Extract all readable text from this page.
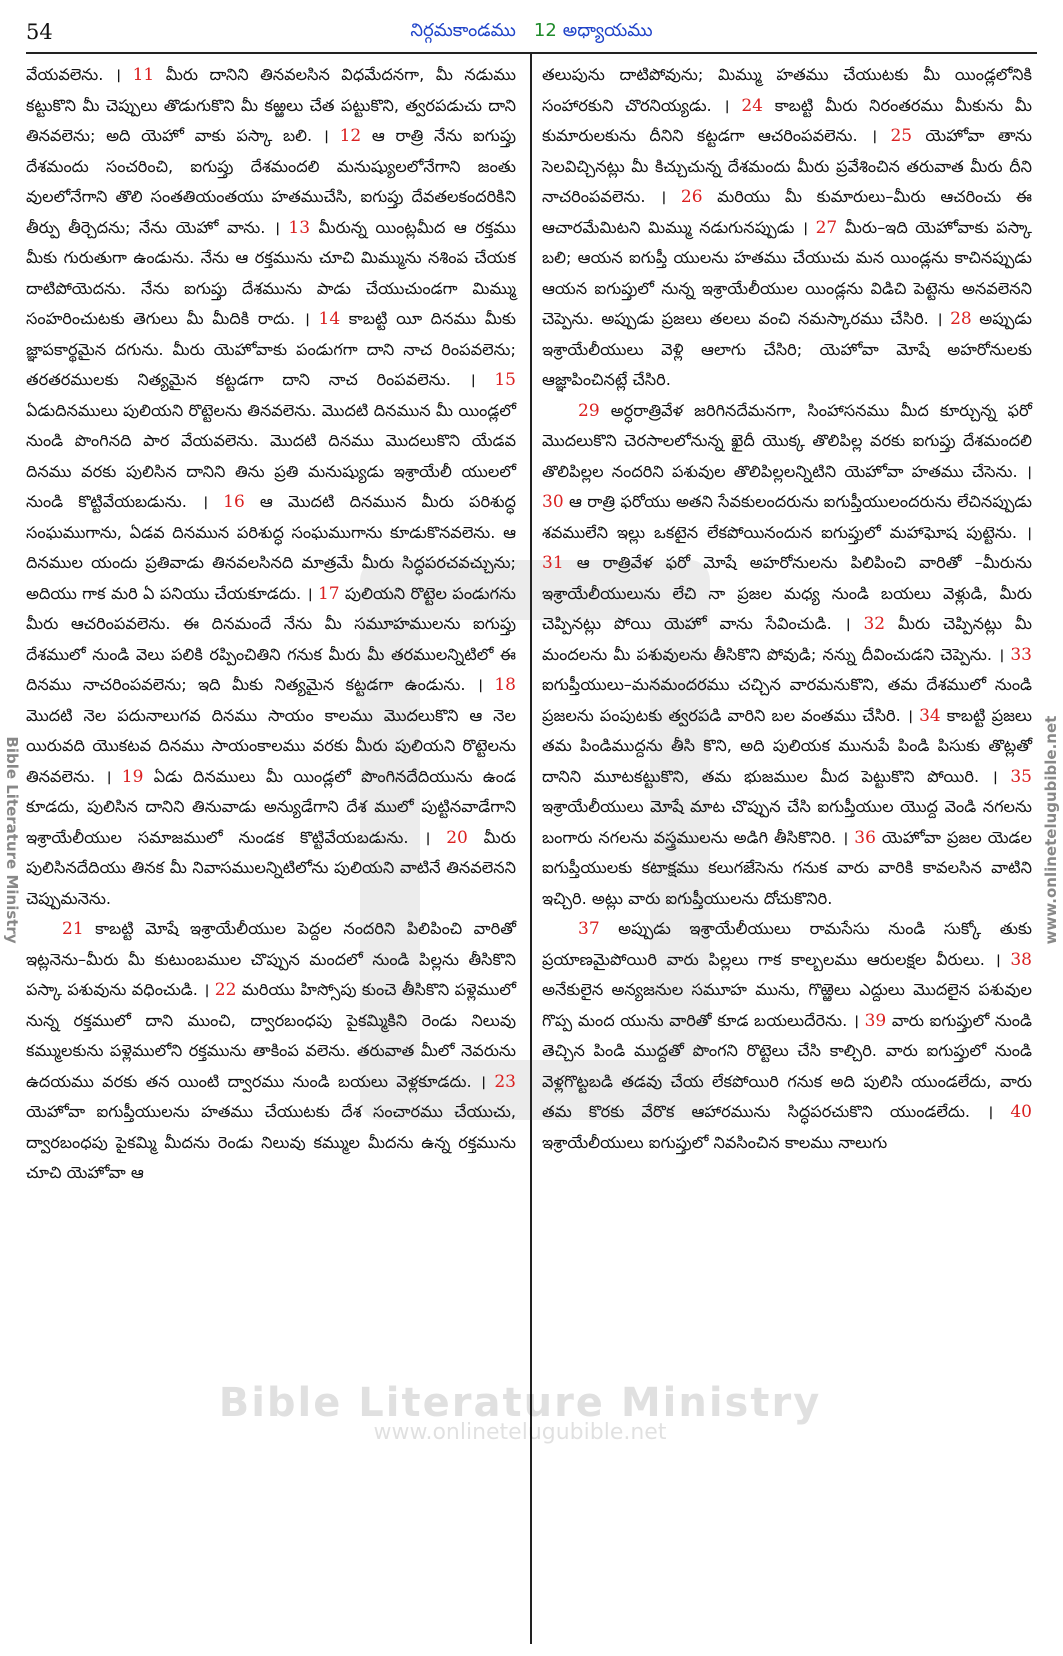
54	నిర్గమకాండము 12 అధ్యాయము

వేయవలెను. । 11 మీరు దానిని తినవలసిన విధమేదనగా, మీ నడుము కట్టుకొని మీ చెప్పులు తొడుగుకొని మీ కఱ్ఱలు చేత పట్టుకొని, త్వరపడుచు దాని తినవలెను; అది యెహో వాకు పస్కా బలి. । 12 ఆ రాత్రి నేను ఐగుప్తు దేశమందు సంచరించి, ఐగుప్తు దేశమందలి మనుష్యులలోనేగాని జంతు వులలోనేగాని తొలి సంతతియంతయు హతముచేసి, ఐగుప్తు దేవతలకందరికిని తీర్పు తీర్చెదను; నేను యెహో వాను. । 13 మీరున్న యింట్లమీద ఆ రక్తము మీకు గురుతుగా ఉండును. నేను ఆ రక్తమును చూచి మిమ్మును నశింప చేయక దాటిపోయెదను. నేను ఐగుప్తు దేశమును పాడు చేయుచుండగా మిమ్ము సంహరించుటకు తెగులు మీ మీదికి రాదు. । 14 కాబట్టి యీ దినము మీకు జ్ఞాపకార్థమైన దగును. మీరు యెహోవాకు పండుగగా దాని నాచ రింపవలెను; తరతరములకు నిత్యమైన కట్టడగా దాని నాచ రింపవలెను. । 15 ఏడుదినములు పులియని రొట్టెలను తినవలెను. మొదటి దినమున మీ యిండ్లలో నుండి పొంగినది పార వేయవలెను. మొదటి దినము మొదలుకొని యేడవ దినము వరకు పులిసిన దానిని తిను ప్రతి మనుష్యుడు ఇశ్రాయేలీ యులలో నుండి కొట్టివేయబడును. । 16 ఆ మొదటి దినమున మీరు పరిశుద్ధ సంఘముగాను, ఏడవ దినమున పరిశుద్ధ సంఘముగాను కూడుకొనవలెను. ఆ దినముల యందు ప్రతివాడు తినవలసినది మాత్రమే మీరు సిద్ధపరచవచ్చును; అదియు గాక మరి ఏ పనియు చేయకూడదు. । 17 పులియని రొట్టెల పండుగను మీరు ఆచరింపవలెను. ఈ దినమందే నేను మీ సమూహములను ఐగుప్తు దేశములో నుండి వెలు పలికి రప్పించితిని గనుక మీరు మీ తరములన్నిటిలో ఈ దినము నాచరింపవలెను; ఇది మీకు నిత్యమైన కట్టడగా ఉండును. । 18 మొదటి నెల పదునాలుగవ దినము సాయం కాలము మొదలుకొని ఆ నెల యిరువది యొకటవ దినము సాయంకాలము వరకు మీరు పులియని రొట్టెలను తినవలెను. । 19 ఏడు దినములు మీ యిండ్లలో పొంగినదేదియును ఉండ కూడదు, పులిసిన దానిని తినువాడు అన్యుడేగాని దేశ ములో పుట్టినవాడేగాని ఇశ్రాయేలీయుల సమాజములో నుండక కొట్టివేయబడును. । 20 మీరు పులిసినదేదియు తినక మీ నివాసములన్నిటిలోను పులియని వాటినే తినవలెనని చెప్పుమనెను.

21 కాబట్టి మోషే ఇశ్రాయేలీయుల పెద్దల నందరిని పిలిపించి వారితో ఇట్లనెను–మీరు మీ కుటుంబముల చొప్పున మందలో నుండి పిల్లను తీసికొని పస్కా పశువును వధించుడి. । 22 మరియు హిస్సోపు కుంచె తీసికొని పళ్లెములో నున్న రక్తములో దాని ముంచి, ద్వారబంధపు పైకమ్మికిని రెండు నిలువు కమ్ములకును పళ్లెములోని రక్తమును తాకింప వలెను. తరువాత మీలో నెవరును ఉదయము వరకు తన యింటి ద్వారము నుండి బయలు వెళ్లకూడదు. । 23 యెహోవా ఐగుప్తీయులను హతము చేయుటకు దేశ సంచారము చేయుచు, ద్వారబంధపు పైకమ్మి మీదను రెండు నిలువు కమ్ముల మీదను ఉన్న రక్తమును చూచి యెహోవా ఆ

తలుపును దాటిపోవును; మిమ్ము హతము చేయుటకు మీ యిండ్లలోనికి సంహారకుని చొరనియ్యడు. । 24 కాబట్టి మీరు నిరంతరము మీకును మీ కుమారులకును దీనిని కట్టడగా ఆచరింపవలెను. । 25 యెహోవా తాను సెలవిచ్చినట్లు మీ కిచ్చుచున్న దేశమందు మీరు ప్రవేశించిన తరువాత మీరు దీని నాచరింపవలెను. । 26 మరియు మీ కుమారులు–మీరు ఆచరించు ఈ ఆచారమేమిటని మిమ్ము నడుగునప్పుడు । 27 మీరు–ఇది యెహోవాకు పస్కా బలి; ఆయన ఐగుప్తీ యులను హతము చేయుచు మన యిండ్లను కాచినప్పుడు ఆయన ఐగుప్తులో నున్న ఇశ్రాయేలీయుల యిండ్లను విడిచి పెట్టెను అనవలెనని చెప్పెను. అప్పుడు ప్రజలు తలలు వంచి నమస్కారము చేసిరి. । 28 అప్పుడు ఇశ్రాయేలీయులు వెళ్లి ఆలాగు చేసిరి; యెహోవా మోషే అహరోనులకు ఆజ్ఞాపించినట్లే చేసిరి.

29 అర్ధరాత్రివేళ జరిగినదేమనగా, సింహాసనము మీద కూర్చున్న ఫరో మొదలుకొని చెరసాలలోనున్న ఖైదీ యొక్క తొలిపిల్ల వరకు ఐగుప్తు దేశమందలి తొలిపిల్లల నందరిని పశువుల తొలిపిల్లలన్నిటిని యెహోవా హతము చేసెను. । 30 ఆ రాత్రి ఫరోయు అతని సేవకులందరును ఐగుప్తీయులందరును లేచినప్పుడు శవములేని ఇల్లు ఒకటైన లేకపోయినందున ఐగుప్తులో మహాఘోష పుట్టెను. । 31 ఆ రాత్రివేళ ఫరో మోషే అహరోనులను పిలిపించి వారితో –మీరును ఇశ్రాయేలీయులును లేచి నా ప్రజల మధ్య నుండి బయలు వెళ్లుడి, మీరు చెప్పినట్లు పోయి యెహో వాను సేవించుడి. । 32 మీరు చెప్పినట్లు మీ మందలను మీ పశువులను తీసికొని పోవుడి; నన్ను దీవించుడని చెప్పెను. । 33 ఐగుప్తీయులు–మనమందరము చచ్చిన వారమనుకొని, తమ దేశములో నుండి ప్రజలను పంపుటకు త్వరపడి వారిని బల వంతము చేసిరి. । 34 కాబట్టి ప్రజలు తమ పిండిముద్దను తీసి కొని, అది పులియక మునుపే పిండి పిసుకు తొట్లతో దానిని మూటకట్టుకొని, తమ భుజముల మీద పెట్టుకొని పోయిరి. । 35 ఇశ్రాయేలీయులు మోషే మాట చొప్పున చేసి ఐగుప్తీయుల యొద్ద వెండి నగలను బంగారు నగలను వస్త్రములను అడిగి తీసికొనిరి. । 36 యెహోవా ప్రజల యెడల ఐగుప్తీయులకు కటాక్షము కలుగజేసెను గనుక వారు వారికి కావలసిన వాటిని ఇచ్చిరి. అట్లు వారు ఐగుప్తీయులను దోచుకొనిరి.

37 అప్పుడు ఇశ్రాయేలీయులు రామసేసు నుండి సుక్కో తుకు ప్రయాణమైపోయిరి వారు పిల్లలు గాక కాల్బలము ఆరులక్షల వీరులు. । 38 అనేకులైన అన్యజనుల సమూహ మును, గొఱ్ఱెలు ఎద్దులు మొదలైన పశువుల గొప్ప మంద యును వారితో కూడ బయలుదేరెను. । 39 వారు ఐగుప్తులో నుండి తెచ్చిన పిండి ముద్దతో పొంగని రొట్టెలు చేసి కాల్చిరి. వారు ఐగుప్తులో నుండి వెళ్లగొట్టబడి తడవు చేయ లేకపోయిరి గనుక అది పులిసి యుండలేదు, వారు తమ కొరకు వేరొక ఆహారమును సిద్ధపరచుకొని యుండలేదు. । 40 ఇశ్రాయేలీయులు ఐగుప్తులో నివసించిన కాలము నాలుగు

Bible Literature Ministry
www.onlinetelugubible.net
Bible Literature Ministry	www.onlinetelugubible.net
